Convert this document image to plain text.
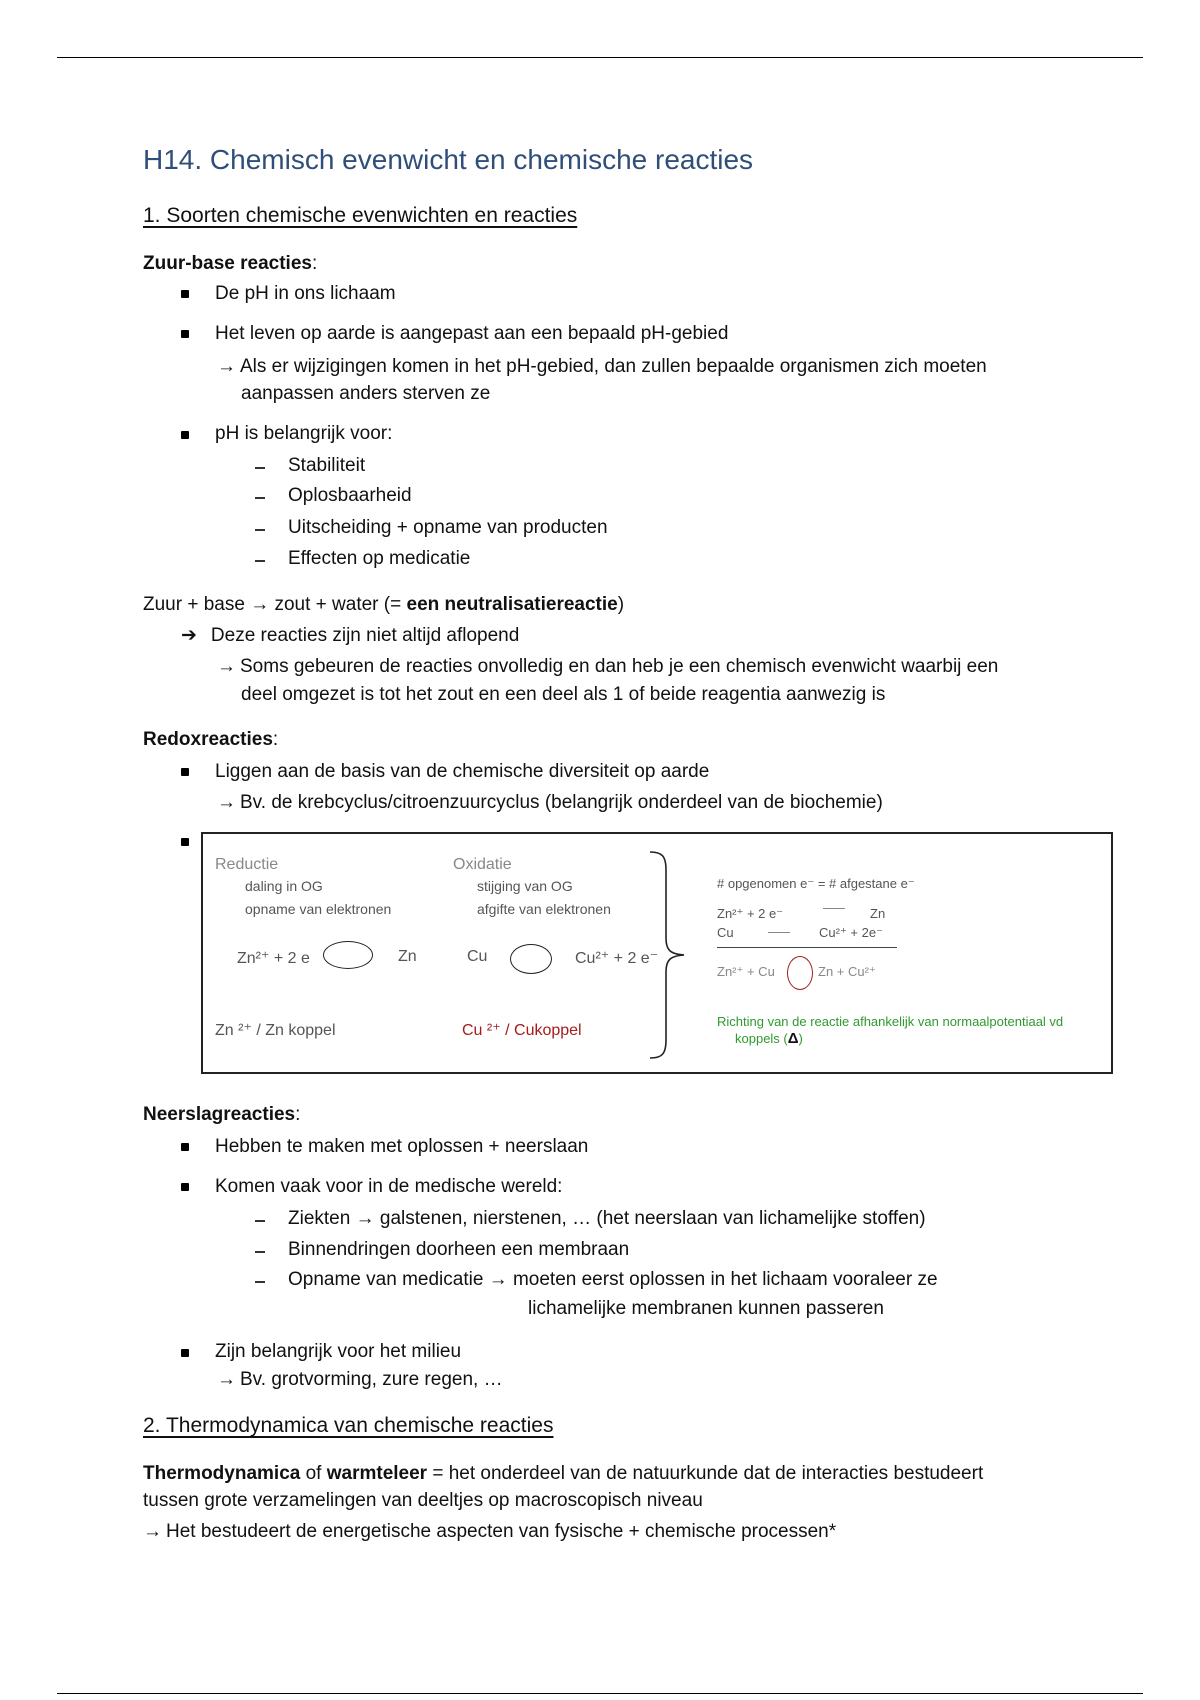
H14. Chemisch evenwicht en chemische reacties
1. Soorten chemische evenwichten en reacties
Zuur-base reacties:
De pH in ons lichaam
Het leven op aarde is aangepast aan een bepaald pH-gebied
→ Als er wijzigingen komen in het pH-gebied, dan zullen bepaalde organismen zich moeten
aanpassen anders sterven ze
pH is belangrijk voor:
Stabiliteit
Oplosbaarheid
Uitscheiding + opname van producten
Effecten op medicatie
Zuur + base → zout + water (= een neutralisatiereactie)
➔ Deze reacties zijn niet altijd aflopend
→ Soms gebeuren de reacties onvolledig en dan heb je een chemisch evenwicht waarbij een
deel omgezet is tot het zout en een deel als 1 of beide reagentia aanwezig is
Redoxreacties:
Liggen aan de basis van de chemische diversiteit op aarde
→ Bv. de krebcyclus/citroenzuurcyclus (belangrijk onderdeel van de biochemie)
Reductie
daling in OG
opname van elektronen
Zn²⁺ + 2 e	Zn
Zn ²⁺ / Zn koppel
Oxidatie
stijging van OG
afgifte van elektronen
Cu	Cu²⁺ + 2 e⁻
Cu ²⁺ / Cukoppel
# opgenomen e⁻ = # afgestane e⁻
Zn²⁺ + 2 e⁻	Zn
Cu	Cu²⁺ + 2e⁻
Zn²⁺ + Cu	Zn + Cu²⁺
Richting van de reactie afhankelijk van normaalpotentiaal vd
koppels (Δ)
Neerslagreacties:
Hebben te maken met oplossen + neerslaan
Komen vaak voor in de medische wereld:
Ziekten → galstenen, nierstenen, … (het neerslaan van lichamelijke stoffen)
Binnendringen doorheen een membraan
Opname van medicatie → moeten eerst oplossen in het lichaam vooraleer ze
lichamelijke membranen kunnen passeren
Zijn belangrijk voor het milieu
→ Bv. grotvorming, zure regen, …
2. Thermodynamica van chemische reacties
Thermodynamica of warmteleer = het onderdeel van de natuurkunde dat de interacties bestudeert
tussen grote verzamelingen van deeltjes op macroscopisch niveau
→ Het bestudeert de energetische aspecten van fysische + chemische processen*
